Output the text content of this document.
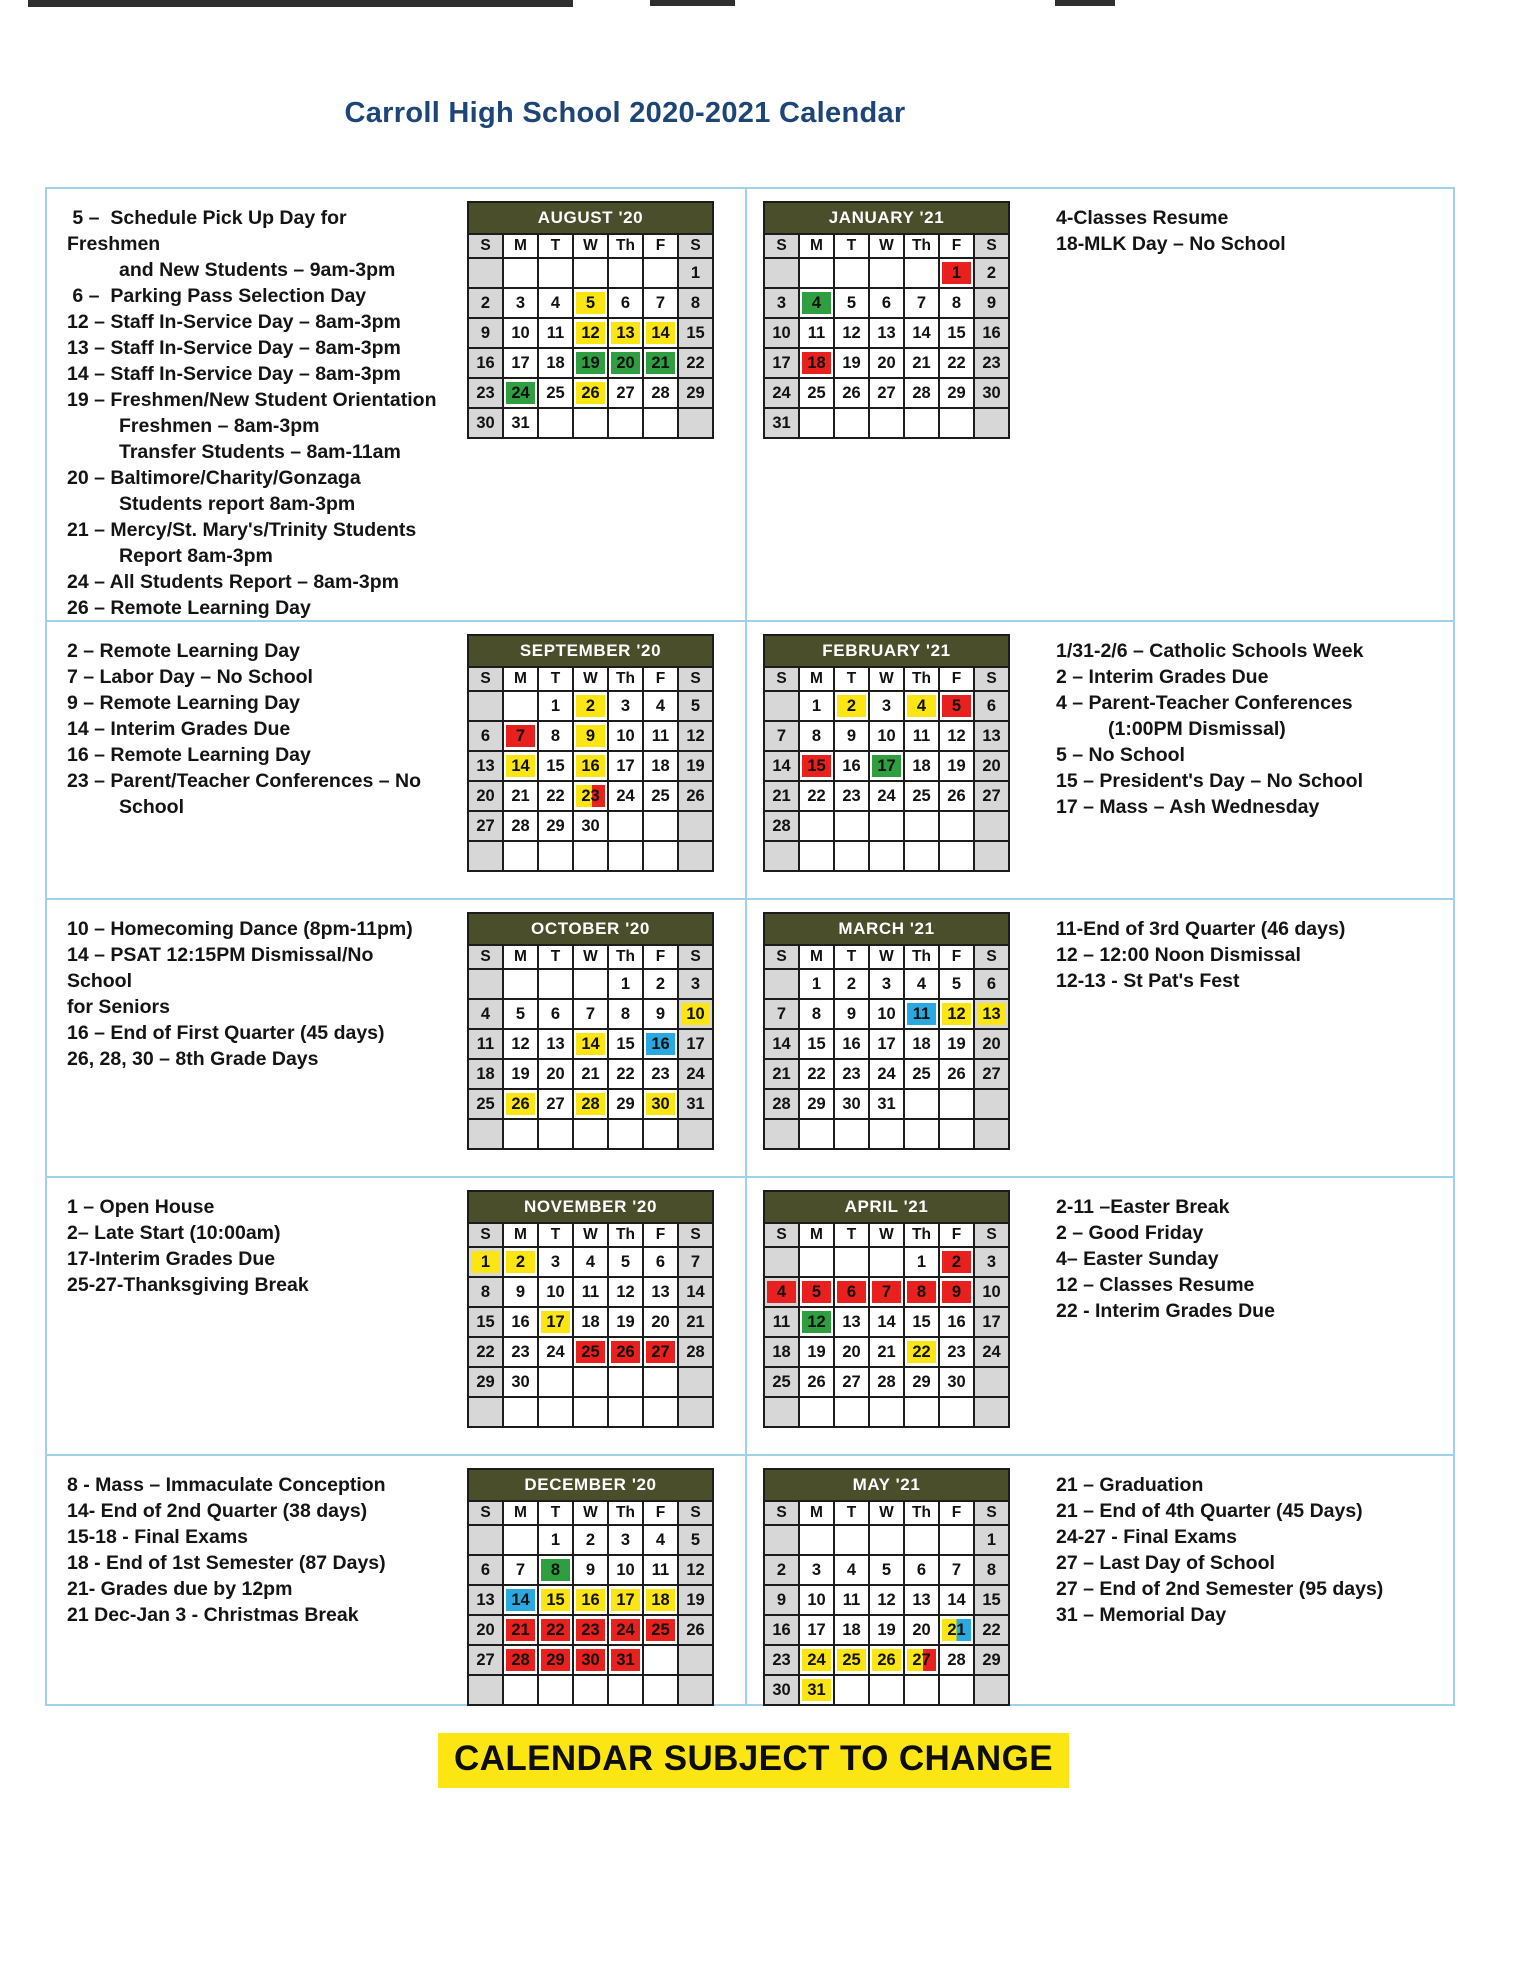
Carroll High School 2020-2021 Calendar
5 –  Schedule Pick Up Day for Freshmen
and New Students – 9am-3pm
6 –  Parking Pass Selection Day
12 – Staff In-Service Day – 8am-3pm
13 – Staff In-Service Day – 8am-3pm
14 – Staff In-Service Day – 8am-3pm
19 – Freshmen/New Student Orientation
Freshmen – 8am-3pm
Transfer Students – 8am-11am
20 – Baltimore/Charity/Gonzaga
Students report 8am-3pm
21 – Mercy/St. Mary's/Trinity Students
Report 8am-3pm
24 – All Students Report – 8am-3pm
26 – Remote Learning Day
AUGUST '20						
S	M	T	W	Th	F	S
						1
2	3	4	5	6	7	8
9	10	11	12	13	14	15
16	17	18	19	20	21	22
23	24	25	26	27	28	29
30	31					
JANUARY '21						
S	M	T	W	Th	F	S
					1	2
3	4	5	6	7	8	9
10	11	12	13	14	15	16
17	18	19	20	21	22	23
24	25	26	27	28	29	30
31						
4-Classes Resume
18-MLK Day – No School
2 – Remote Learning Day
7 – Labor Day – No School
9 – Remote Learning Day
14 – Interim Grades Due
16 – Remote Learning Day
23 – Parent/Teacher Conferences – No
School
SEPTEMBER '20						
S	M	T	W	Th	F	S
		1	2	3	4	5
6	7	8	9	10	11	12
13	14	15	16	17	18	19
20	21	22	23	24	25	26
27	28	29	30			

FEBRUARY '21						
S	M	T	W	Th	F	S
	1	2	3	4	5	6
7	8	9	10	11	12	13
14	15	16	17	18	19	20
21	22	23	24	25	26	27
28						

1/31-2/6 – Catholic Schools Week
2 – Interim Grades Due
4 – Parent-Teacher Conferences
(1:00PM Dismissal)
5 – No School
15 – President's Day – No School
17 – Mass – Ash Wednesday
10 – Homecoming Dance (8pm-11pm)
14 – PSAT 12:15PM Dismissal/No School
for Seniors
16 – End of First Quarter (45 days)
26, 28, 30 – 8th Grade Days
OCTOBER '20						
S	M	T	W	Th	F	S
				1	2	3
4	5	6	7	8	9	10
11	12	13	14	15	16	17
18	19	20	21	22	23	24
25	26	27	28	29	30	31

MARCH '21						
S	M	T	W	Th	F	S
	1	2	3	4	5	6
7	8	9	10	11	12	13
14	15	16	17	18	19	20
21	22	23	24	25	26	27
28	29	30	31			

11-End of 3rd Quarter (46 days)
12 – 12:00 Noon Dismissal
12-13 - St Pat's Fest
1 – Open House
2– Late Start (10:00am)
17-Interim Grades Due
25-27-Thanksgiving Break
NOVEMBER '20						
S	M	T	W	Th	F	S
1	2	3	4	5	6	7
8	9	10	11	12	13	14
15	16	17	18	19	20	21
22	23	24	25	26	27	28
29	30					

APRIL '21						
S	M	T	W	Th	F	S
				1	2	3
4	5	6	7	8	9	10
11	12	13	14	15	16	17
18	19	20	21	22	23	24
25	26	27	28	29	30	

2-11 –Easter Break
2 – Good Friday
4– Easter Sunday
12 – Classes Resume
22 - Interim Grades Due
8 - Mass – Immaculate Conception
14- End of 2nd Quarter (38 days)
15-18 - Final Exams
18 - End of 1st Semester (87 Days)
21- Grades due by 12pm
21 Dec-Jan 3 - Christmas Break
DECEMBER '20						
S	M	T	W	Th	F	S
		1	2	3	4	5
6	7	8	9	10	11	12
13	14	15	16	17	18	19
20	21	22	23	24	25	26
27	28	29	30	31		

MAY '21						
S	M	T	W	Th	F	S
						1
2	3	4	5	6	7	8
9	10	11	12	13	14	15
16	17	18	19	20	21	22
23	24	25	26	27	28	29
30	31					
21 – Graduation
21 – End of 4th Quarter (45 Days)
24-27 - Final Exams
27 – Last Day of School
27 – End of 2nd Semester (95 days)
31 – Memorial Day
CALENDAR SUBJECT TO CHANGE
